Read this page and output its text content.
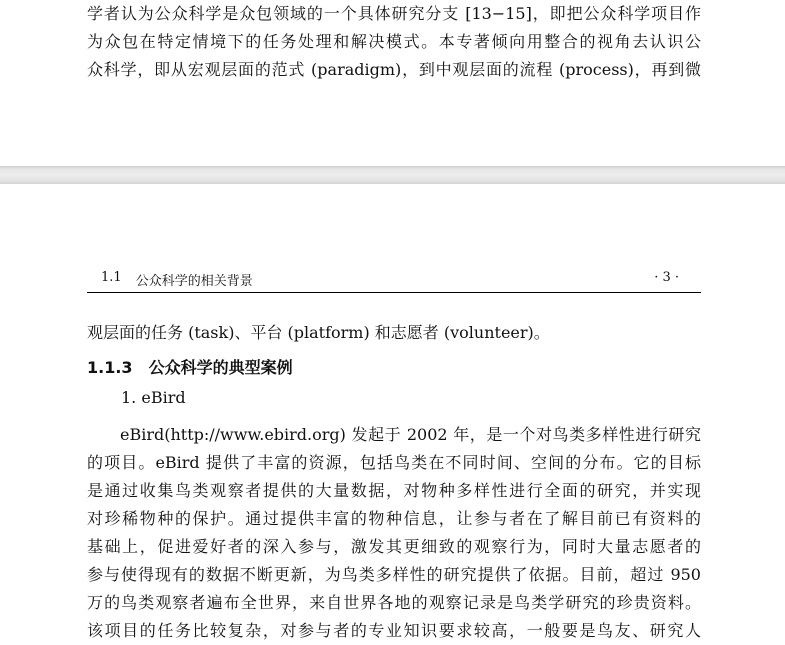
学者认为公众科学是众包领域的一个具体研究分支 [13−15]，即把公众科学项目作
为众包在特定情境下的任务处理和解决模式。本专著倾向用整合的视角去认识公
众科学，即从宏观层面的范式 (paradigm)，到中观层面的流程 (process)，再到微
1.1 公众科学的相关背景	· 3 ·
观层面的任务 (task)、平台 (platform) 和志愿者 (volunteer)。
1.1.3 公众科学的典型案例
1. eBird
eBird(http://www.ebird.org) 发起于 2002 年，是一个对鸟类多样性进行研究
的项目。eBird 提供了丰富的资源，包括鸟类在不同时间、空间的分布。它的目标
是通过收集鸟类观察者提供的大量数据，对物种多样性进行全面的研究，并实现
对珍稀物种的保护。通过提供丰富的物种信息，让参与者在了解目前已有资料的
基础上，促进爱好者的深入参与，激发其更细致的观察行为，同时大量志愿者的
参与使得现有的数据不断更新，为鸟类多样性的研究提供了依据。目前，超过 950
万的鸟类观察者遍布全世界，来自世界各地的观察记录是鸟类学研究的珍贵资料。
该项目的任务比较复杂，对参与者的专业知识要求较高，一般要是鸟友、研究人
